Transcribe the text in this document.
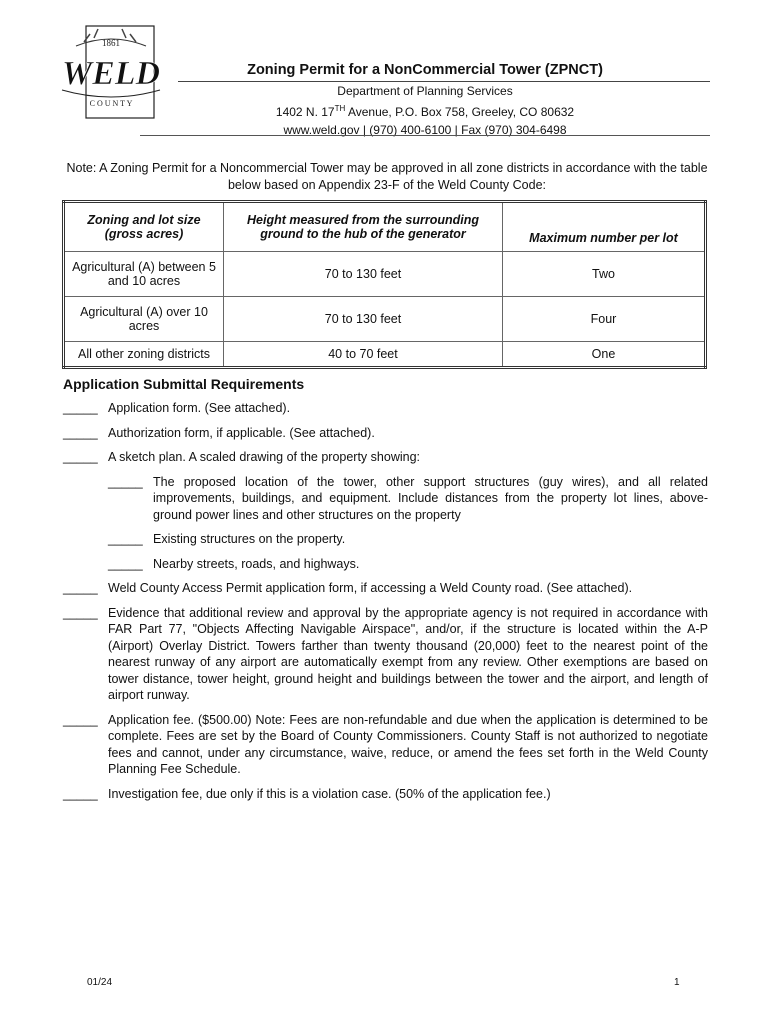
1861
WELD
C O U N T Y
Zoning Permit for a NonCommercial Tower (ZPNCT)
Department of Planning Services
1402 N. 17TH Avenue, P.O. Box 758, Greeley, CO 80632
www.weld.gov | (970) 400-6100 | Fax (970) 304-6498
Note: A Zoning Permit for a Noncommercial Tower may be approved in all zone districts in accordance with the table below based on Appendix 23-F of the Weld County Code:
Zoning and lot size (gross acres)	Height measured from the surrounding ground to the hub of the generator	Maximum number per lot
Agricultural (A) between 5 and 10 acres	70 to 130 feet	Two
Agricultural (A) over 10 acres	70 to 130 feet	Four
All other zoning districts	40 to 70 feet	One
Application Submittal Requirements
_____ Application form. (See attached).
_____ Authorization form, if applicable. (See attached).
_____ A sketch plan. A scaled drawing of the property showing:
_____ The proposed location of the tower, other support structures (guy wires), and all related improvements, buildings, and equipment. Include distances from the property lot lines, above-ground power lines and other structures on the property
_____ Existing structures on the property.
_____ Nearby streets, roads, and highways.
_____ Weld County Access Permit application form, if accessing a Weld County road. (See attached).
_____ Evidence that additional review and approval by the appropriate agency is not required in accordance with FAR Part 77, "Objects Affecting Navigable Airspace", and/or, if the structure is located within the A-P (Airport) Overlay District. Towers farther than twenty thousand (20,000) feet to the nearest point of the nearest runway of any airport are automatically exempt from any review. Other exemptions are based on tower distance, tower height, ground height and buildings between the tower and the airport, and length of airport runway.
_____ Application fee. ($500.00) Note: Fees are non-refundable and due when the application is determined to be complete. Fees are set by the Board of County Commissioners. County Staff is not authorized to negotiate fees and cannot, under any circumstance, waive, reduce, or amend the fees set forth in the Weld County Planning Fee Schedule.
_____ Investigation fee, due only if this is a violation case. (50% of the application fee.)
01/24	1
